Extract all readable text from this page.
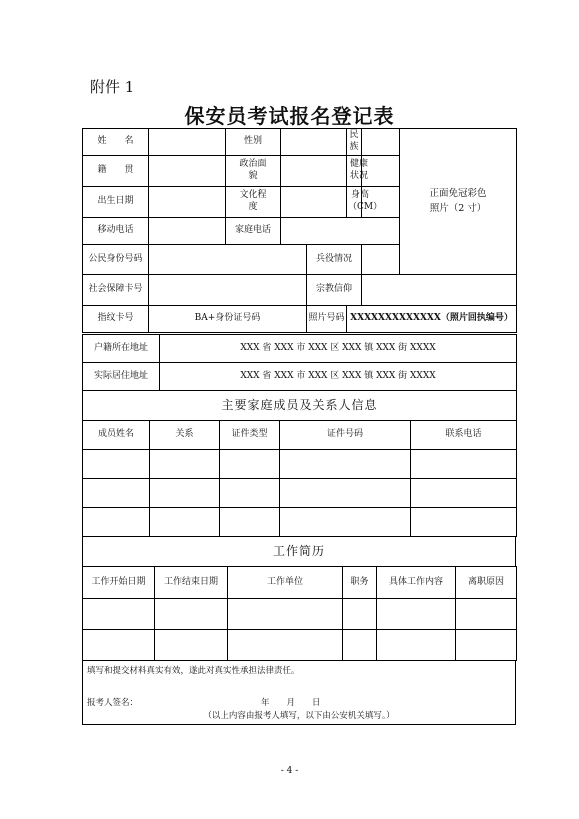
附件 1
保安员考试报名登记表
姓　　名		性别			民族		正面免冠彩色照片（2 寸）

籍　　贯		政治面貌			健康状况		

出生日期		文化程度			身高（CM）		

移动电话		家庭电话					
公民身份号码				兵役情况			
社会保障卡号				宗教信仰			
指纹卡号	BA+身份证号码			照片号码	XXXXXXXXXXXXX（照片回执编号）		
户籍所在地址	XXX 省 XXX 市 XXX 区 XXX 镇 XXX 街 XXXX
实际居住地址	XXX 省 XXX 市 XXX 区 XXX 镇 XXX 街 XXXX
主要家庭成员及关系人信息				
成员姓名	关系	证件类型	证件号码	联系电话

工作简历
工作开始日期	工作结束日期	工作单位	职务	具体工作内容	离职原因

填写和提交材料真实有效，遂此对真实性承担法律责任。
报考人签名：	年　　月　　日
（以上内容由报考人填写，以下由公安机关填写。）
- 4 -
